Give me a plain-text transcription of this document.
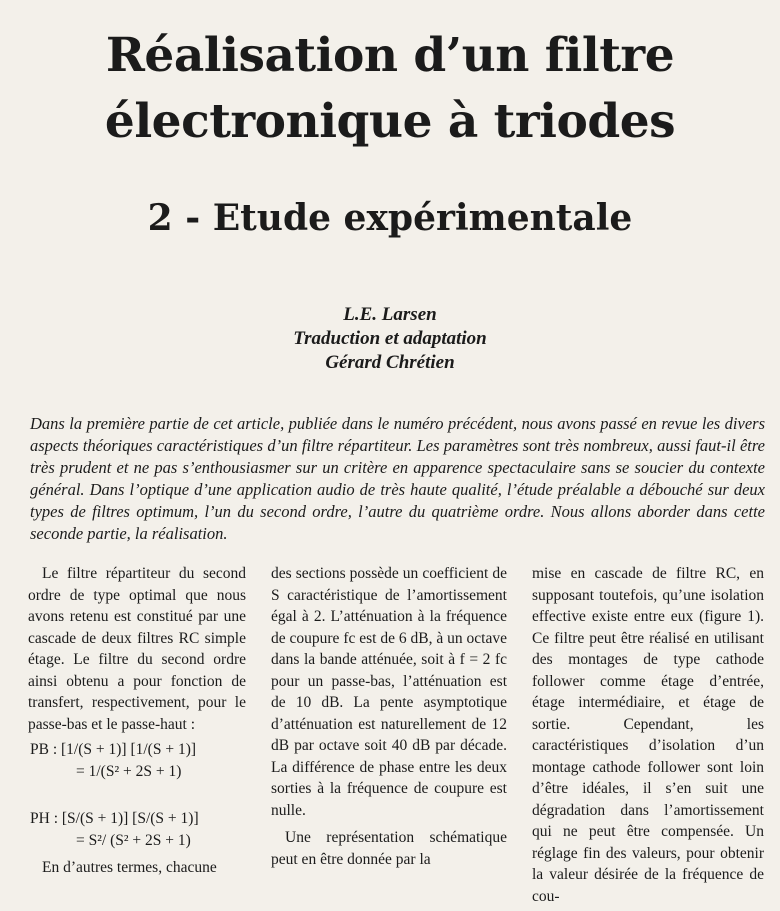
Réalisation d’un filtre
électronique à triodes
2 - Etude expérimentale
L.E. Larsen
Traduction et adaptation
Gérard Chrétien
Dans la première partie de cet article, publiée dans le numéro précédent, nous avons passé en revue les divers aspects théoriques caractéristiques d’un filtre répartiteur. Les paramètres sont très nombreux, aussi faut-il être très prudent et ne pas s’enthousiasmer sur un critère en apparence spectaculaire sans se soucier du contexte général. Dans l’optique d’une application audio de très haute qualité, l’étude préalable a débouché sur deux types de filtres optimum, l’un du second ordre, l’autre du quatrième ordre. Nous allons aborder dans cette seconde partie, la réalisation.

Le filtre répartiteur du second ordre de type optimal que nous avons retenu est constitué par une cascade de deux filtres RC simple étage. Le filtre du second ordre ainsi obtenu a pour fonction de transfert, respectivement, pour le passe-bas et le passe-haut :

PB : [1/(S + 1)] [1/(S + 1)]
= 1/(S² + 2S + 1)
PH : [S/(S + 1)] [S/(S + 1)]
= S²/ (S² + 2S + 1)

En d’autres termes, chacune

des sections possède un coefficient de S caractéristique de l’amortissement égal à 2. L’atténuation à la fréquence de coupure fc est de 6 dB, à un octave dans la bande atténuée, soit à f = 2 fc pour un passe-bas, l’atténuation est de 10 dB. La pente asymptotique d’atténuation est naturellement de 12 dB par octave soit 40 dB par décade. La différence de phase entre les deux sorties à la fréquence de coupure est nulle.

Une représentation schématique peut en être donnée par la

mise en cascade de filtre RC, en supposant toutefois, qu’une isolation effective existe entre eux (figure 1). Ce filtre peut être réalisé en utilisant des montages de type cathode follower comme étage d’entrée, étage intermédiaire, et étage de sortie. Cependant, les caractéristiques d’isolation d’un montage cathode follower sont loin d’être idéales, il s’en suit une dégradation dans l’amortissement qui ne peut être compensée. Un réglage fin des valeurs, pour obtenir la valeur désirée de la fréquence de cou-
